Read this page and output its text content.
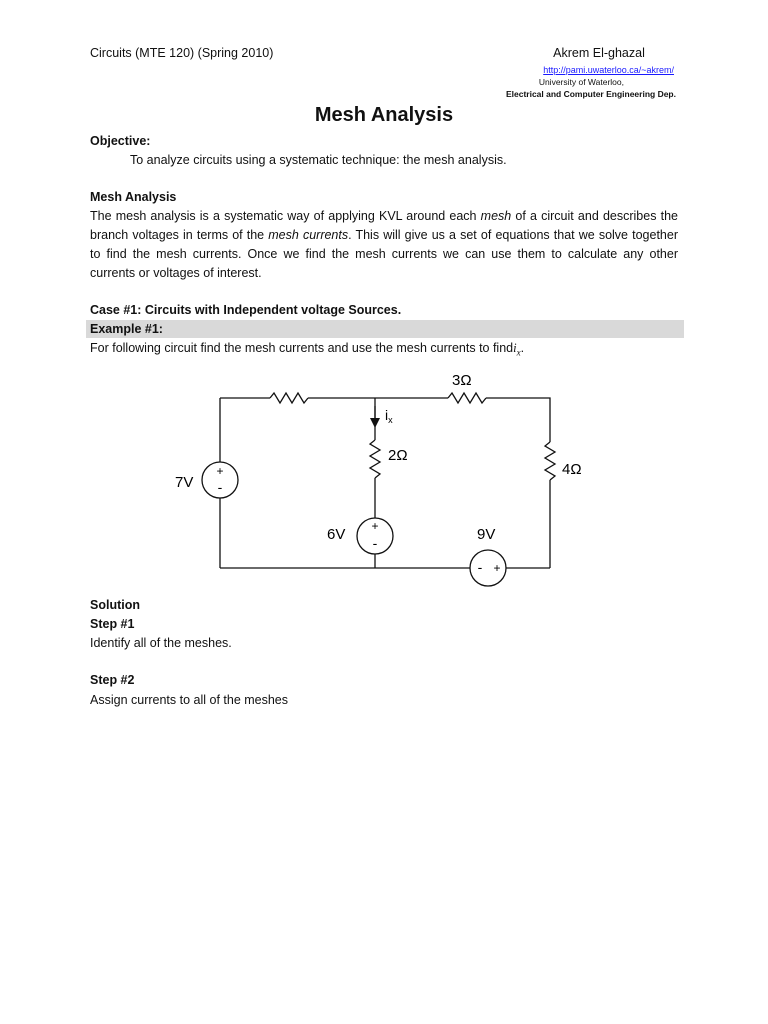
Circuits (MTE 120) (Spring 2010)	Akrem El-ghazal
http://pami.uwaterloo.ca/~akrem/
University of Waterloo,
Electrical and Computer Engineering Dep.
Mesh Analysis
Objective:
To analyze circuits using a systematic technique: the mesh analysis.
Mesh Analysis
The mesh analysis is a systematic way of applying KVL around each mesh of a circuit and describes the branch voltages in terms of the mesh currents. This will give us a set of equations that we solve together to find the mesh currents. Once we find the mesh currents we can use them to calculate any other currents or voltages of interest.
Case #1: Circuits with Independent voltage Sources.
Example #1:
For following circuit find the mesh currents and use the mesh currents to findi$_x$.
+
-
+
-
- +
3Ω
2Ω
4Ω
7V
6V	9V
$i_x$
Solution
Step #1
Identify all of the meshes.
Step #2
Assign currents to all of the meshes
